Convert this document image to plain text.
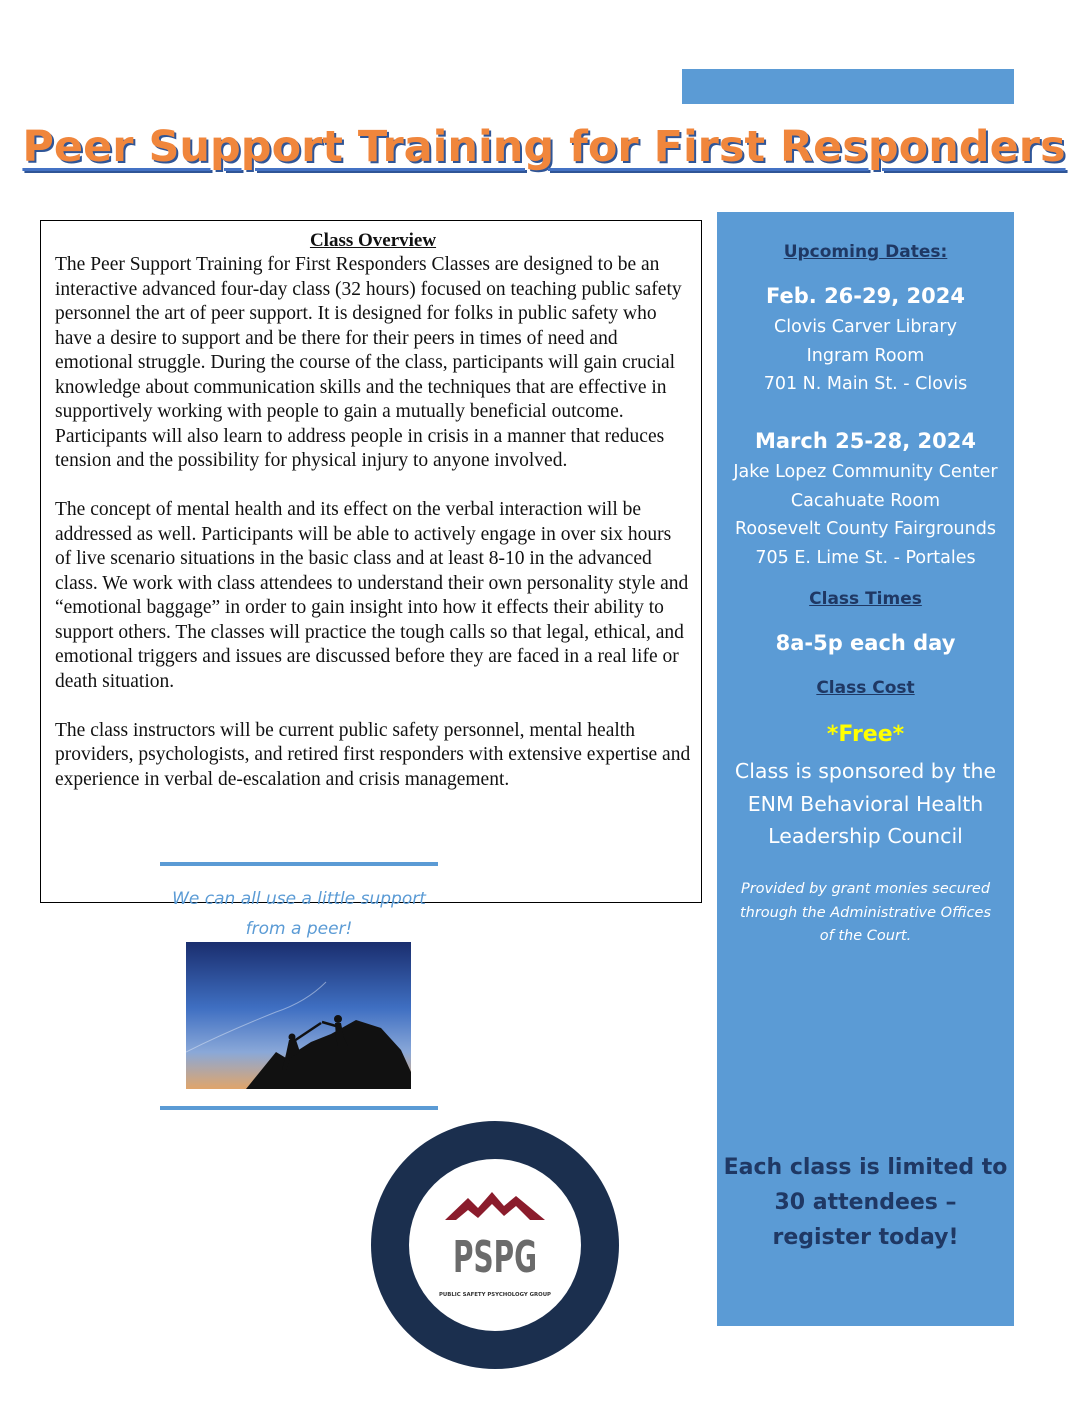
Peer Support Training for First Responders
Class Overview

The Peer Support Training for First Responders Classes are designed to be an interactive advanced four-day class (32 hours) focused on teaching public safety personnel the art of peer support. It is designed for folks in public safety who have a desire to support and be there for their peers in times of need and emotional struggle. During the course of the class, participants will gain crucial knowledge about communication skills and the techniques that are effective in supportively working with people to gain a mutually beneficial outcome. Participants will also learn to address people in crisis in a manner that reduces tension and the possibility for physical injury to anyone involved.

The concept of mental health and its effect on the verbal interaction will be addressed as well. Participants will be able to actively engage in over six hours of live scenario situations in the basic class and at least 8-10 in the advanced class. We work with class attendees to understand their own personality style and “emotional baggage” in order to gain insight into how it effects their ability to support others. The classes will practice the tough calls so that legal, ethical, and emotional triggers and issues are discussed before they are faced in a real life or death situation.

The class instructors will be current public safety personnel, mental health providers, psychologists, and retired first responders with extensive expertise and experience in verbal de-escalation and crisis management.

We can all use a little support
from a peer!
PSPG
PUBLIC SAFETY PSYCHOLOGY GROUP
Upcoming Dates:
Feb. 26-29, 2024
Clovis Carver Library
Ingram Room
701 N. Main St. - Clovis
March 25-28, 2024
Jake Lopez Community Center
Cacahuate Room
Roosevelt County Fairgrounds
705 E. Lime St. - Portales
Class Times
8a-5p each day
Class Cost
*Free*
Class is sponsored by the
ENM Behavioral Health
Leadership Council
Provided by grant monies secured
through the Administrative Offices
of the Court.
Each class is limited to
30 attendees –
register today!
